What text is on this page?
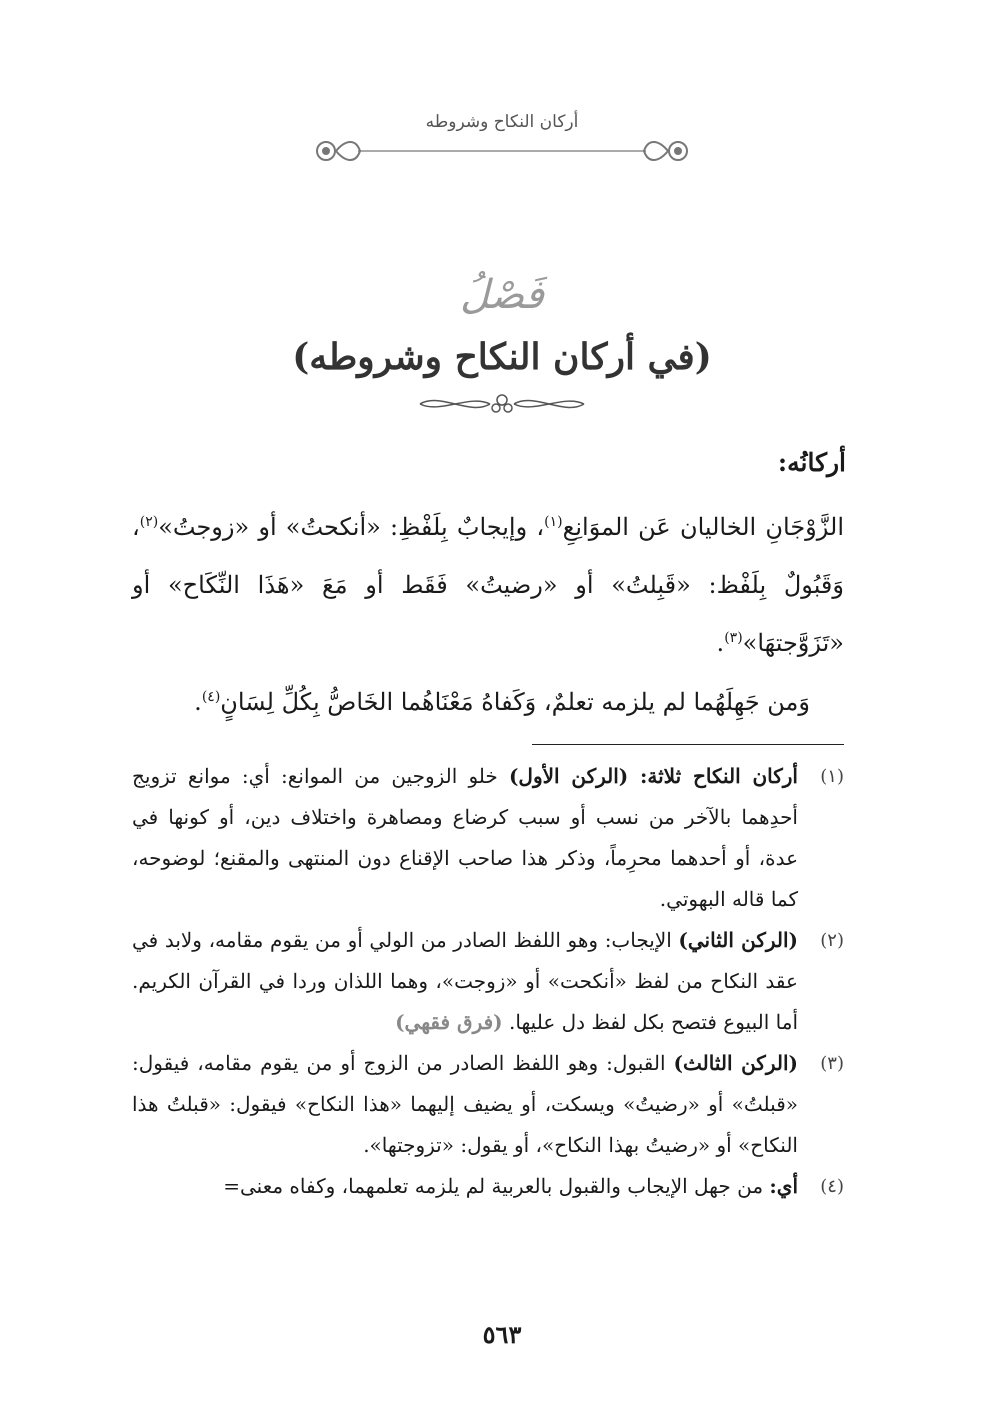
أركان النكاح وشروطه
فَصْلُ
(في أركان النكاح وشروطه)
أركانُه:
الزَّوْجَانِ الخاليان عَن الموَانِعِ$^{(١)}$، وإيجابٌ بِلَفْظِ: «أنكحتُ» أو «زوجتُ»$^{(٢)}$، وَقَبُولٌ بِلَفْظ: «قَبِلتُ» أو «رضيتُ» فَقَط أو مَعَ «هَذَا النِّكَاح» أو «تَزَوَّجتهَا»$^{(٣)}$.
وَمن جَهِلَهُما لم يلزمه تعلمٌ، وَكَفاهُ مَعْنَاهُما الخَاصُّ بِكُلِّ لِسَانٍ$^{(٤)}$.
(١)
أركان النكاح ثلاثة: (الركن الأول) خلو الزوجين من الموانع: أي: موانع تزويج أحدِهما بالآخر من نسب أو سبب كرضاع ومصاهرة واختلاف دين، أو كونها في عدة، أو أحدهما محرِماً، وذكر هذا صاحب الإقناع دون المنتهى والمقنع؛ لوضوحه، كما قاله البهوتي.
(٢)
(الركن الثاني) الإيجاب: وهو اللفظ الصادر من الولي أو من يقوم مقامه، ولابد في عقد النكاح من لفظ «أنكحت» أو «زوجت»، وهما اللذان وردا في القرآن الكريم. أما البيوع فتصح بكل لفظ دل عليها. (فرق فقهي)
(٣)
(الركن الثالث) القبول: وهو اللفظ الصادر من الزوج أو من يقوم مقامه، فيقول: «قبلتُ» أو «رضيتُ» ويسكت، أو يضيف إليهما «هذا النكاح» فيقول: «قبلتُ هذا النكاح» أو «رضيتُ بهذا النكاح»، أو يقول: «تزوجتها».
(٤)
أي: من جهل الإيجاب والقبول بالعربية لم يلزمه تعلمهما، وكفاه معنى=
٥٦٣
